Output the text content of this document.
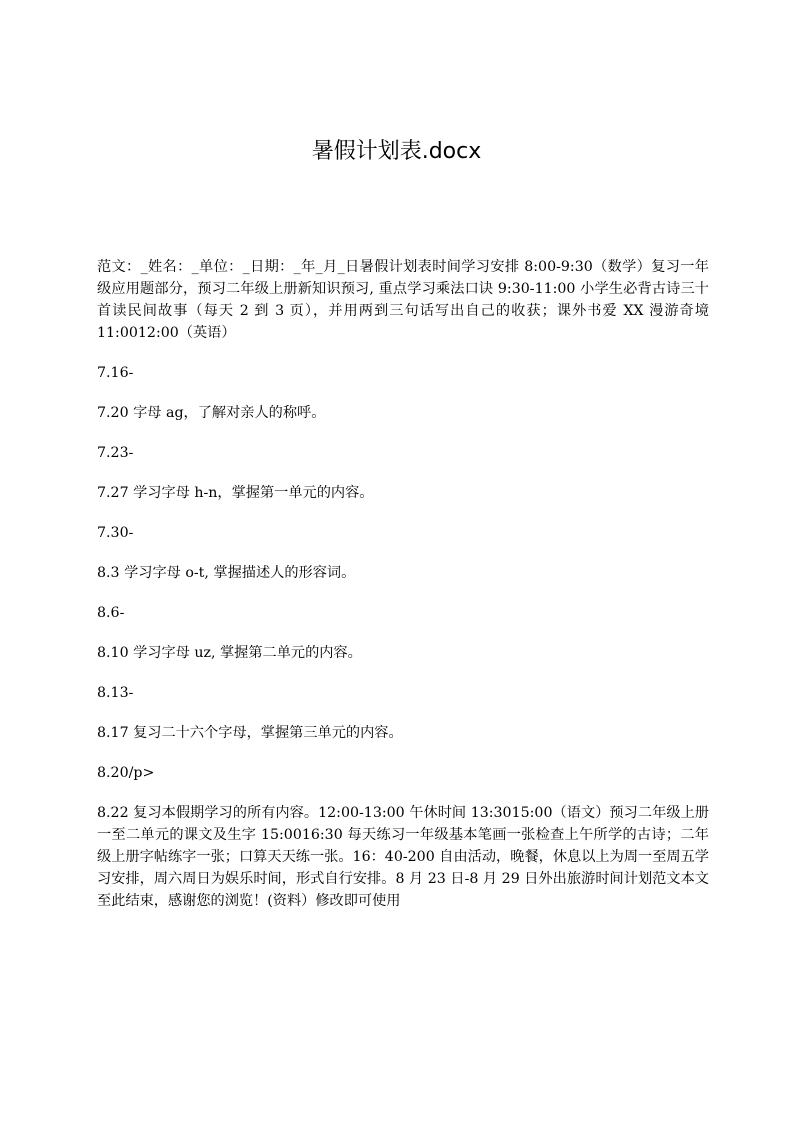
暑假计划表.docx

范文：_姓名：_单位：_日期：_年_月_日暑假计划表时间学习安排 8:00-9:30（数学）复习一年级应用题部分，预习二年级上册新知识预习, 重点学习乘法口诀 9:30-11:00 小学生必背古诗三十首读民间故事（每天 2 到 3 页），并用两到三句话写出自己的收获；课外书爱 XX 漫游奇境 11:0012:00（英语）

7.16-

7.20 字母 ag，了解对亲人的称呼。

7.23-

7.27 学习字母 h-n，掌握第一单元的内容。

7.30-

8.3 学习字母 o-t, 掌握描述人的形容词。

8.6-

8.10 学习字母 uz, 掌握第二单元的内容。

8.13-

8.17 复习二十六个字母，掌握第三单元的内容。

8.20/p>

8.22 复习本假期学习的所有内容。12:00-13:00 午休时间 13:3015:00（语文）预习二年级上册一至二单元的课文及生字 15:0016:30 每天练习一年级基本笔画一张检查上午所学的古诗；二年级上册字帖练字一张；口算天天练一张。16：40-200 自由活动，晚餐，休息以上为周一至周五学习安排，周六周日为娱乐时间，形式自行安排。8 月 23 日-8 月 29 日外出旅游时间计划范文本文至此结束，感谢您的浏览！(资料）修改即可使用
